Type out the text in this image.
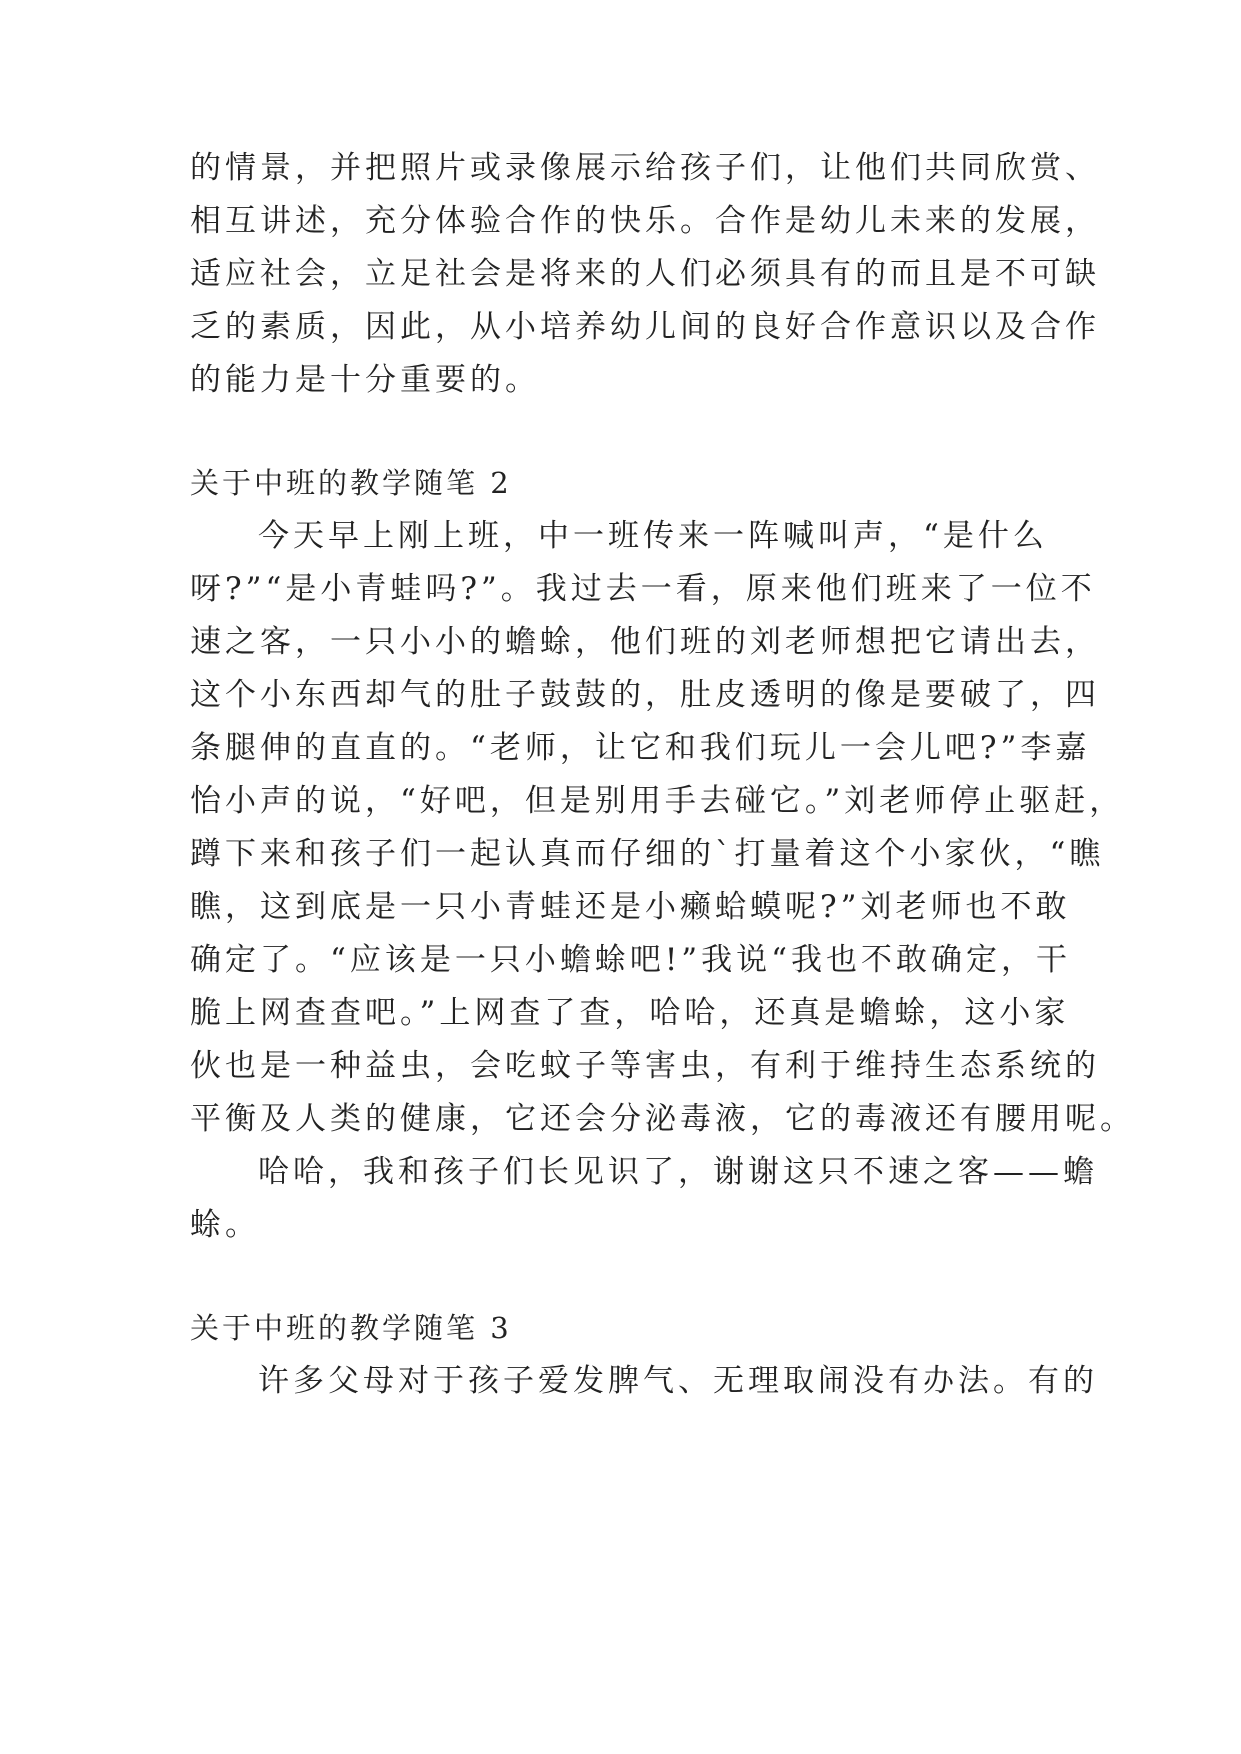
的情景，并把照片或录像展示给孩子们，让他们共同欣赏、
相互讲述，充分体验合作的快乐。合作是幼儿未来的发展，
适应社会，立足社会是将来的人们必须具有的而且是不可缺
乏的素质，因此，从小培养幼儿间的良好合作意识以及合作
的能力是十分重要的。
关于中班的教学随笔 2
今天早上刚上班，中一班传来一阵喊叫声，“是什么
呀?”“是小青蛙吗?”。我过去一看，原来他们班来了一位不
速之客，一只小小的蟾蜍，他们班的刘老师想把它请出去，
这个小东西却气的肚子鼓鼓的，肚皮透明的像是要破了，四
条腿伸的直直的。“老师，让它和我们玩儿一会儿吧?”李嘉
怡小声的说，“好吧，但是别用手去碰它。”刘老师停止驱赶，
蹲下来和孩子们一起认真而仔细的`打量着这个小家伙，“瞧
瞧，这到底是一只小青蛙还是小癞蛤蟆呢?”刘老师也不敢
确定了。“应该是一只小蟾蜍吧!”我说“我也不敢确定，干
脆上网查查吧。”上网查了查，哈哈，还真是蟾蜍，这小家
伙也是一种益虫，会吃蚊子等害虫，有利于维持生态系统的
平衡及人类的健康，它还会分泌毒液，它的毒液还有腰用呢。
哈哈，我和孩子们长见识了，谢谢这只不速之客——蟾
蜍。
关于中班的教学随笔 3
许多父母对于孩子爱发脾气、无理取闹没有办法。有的
